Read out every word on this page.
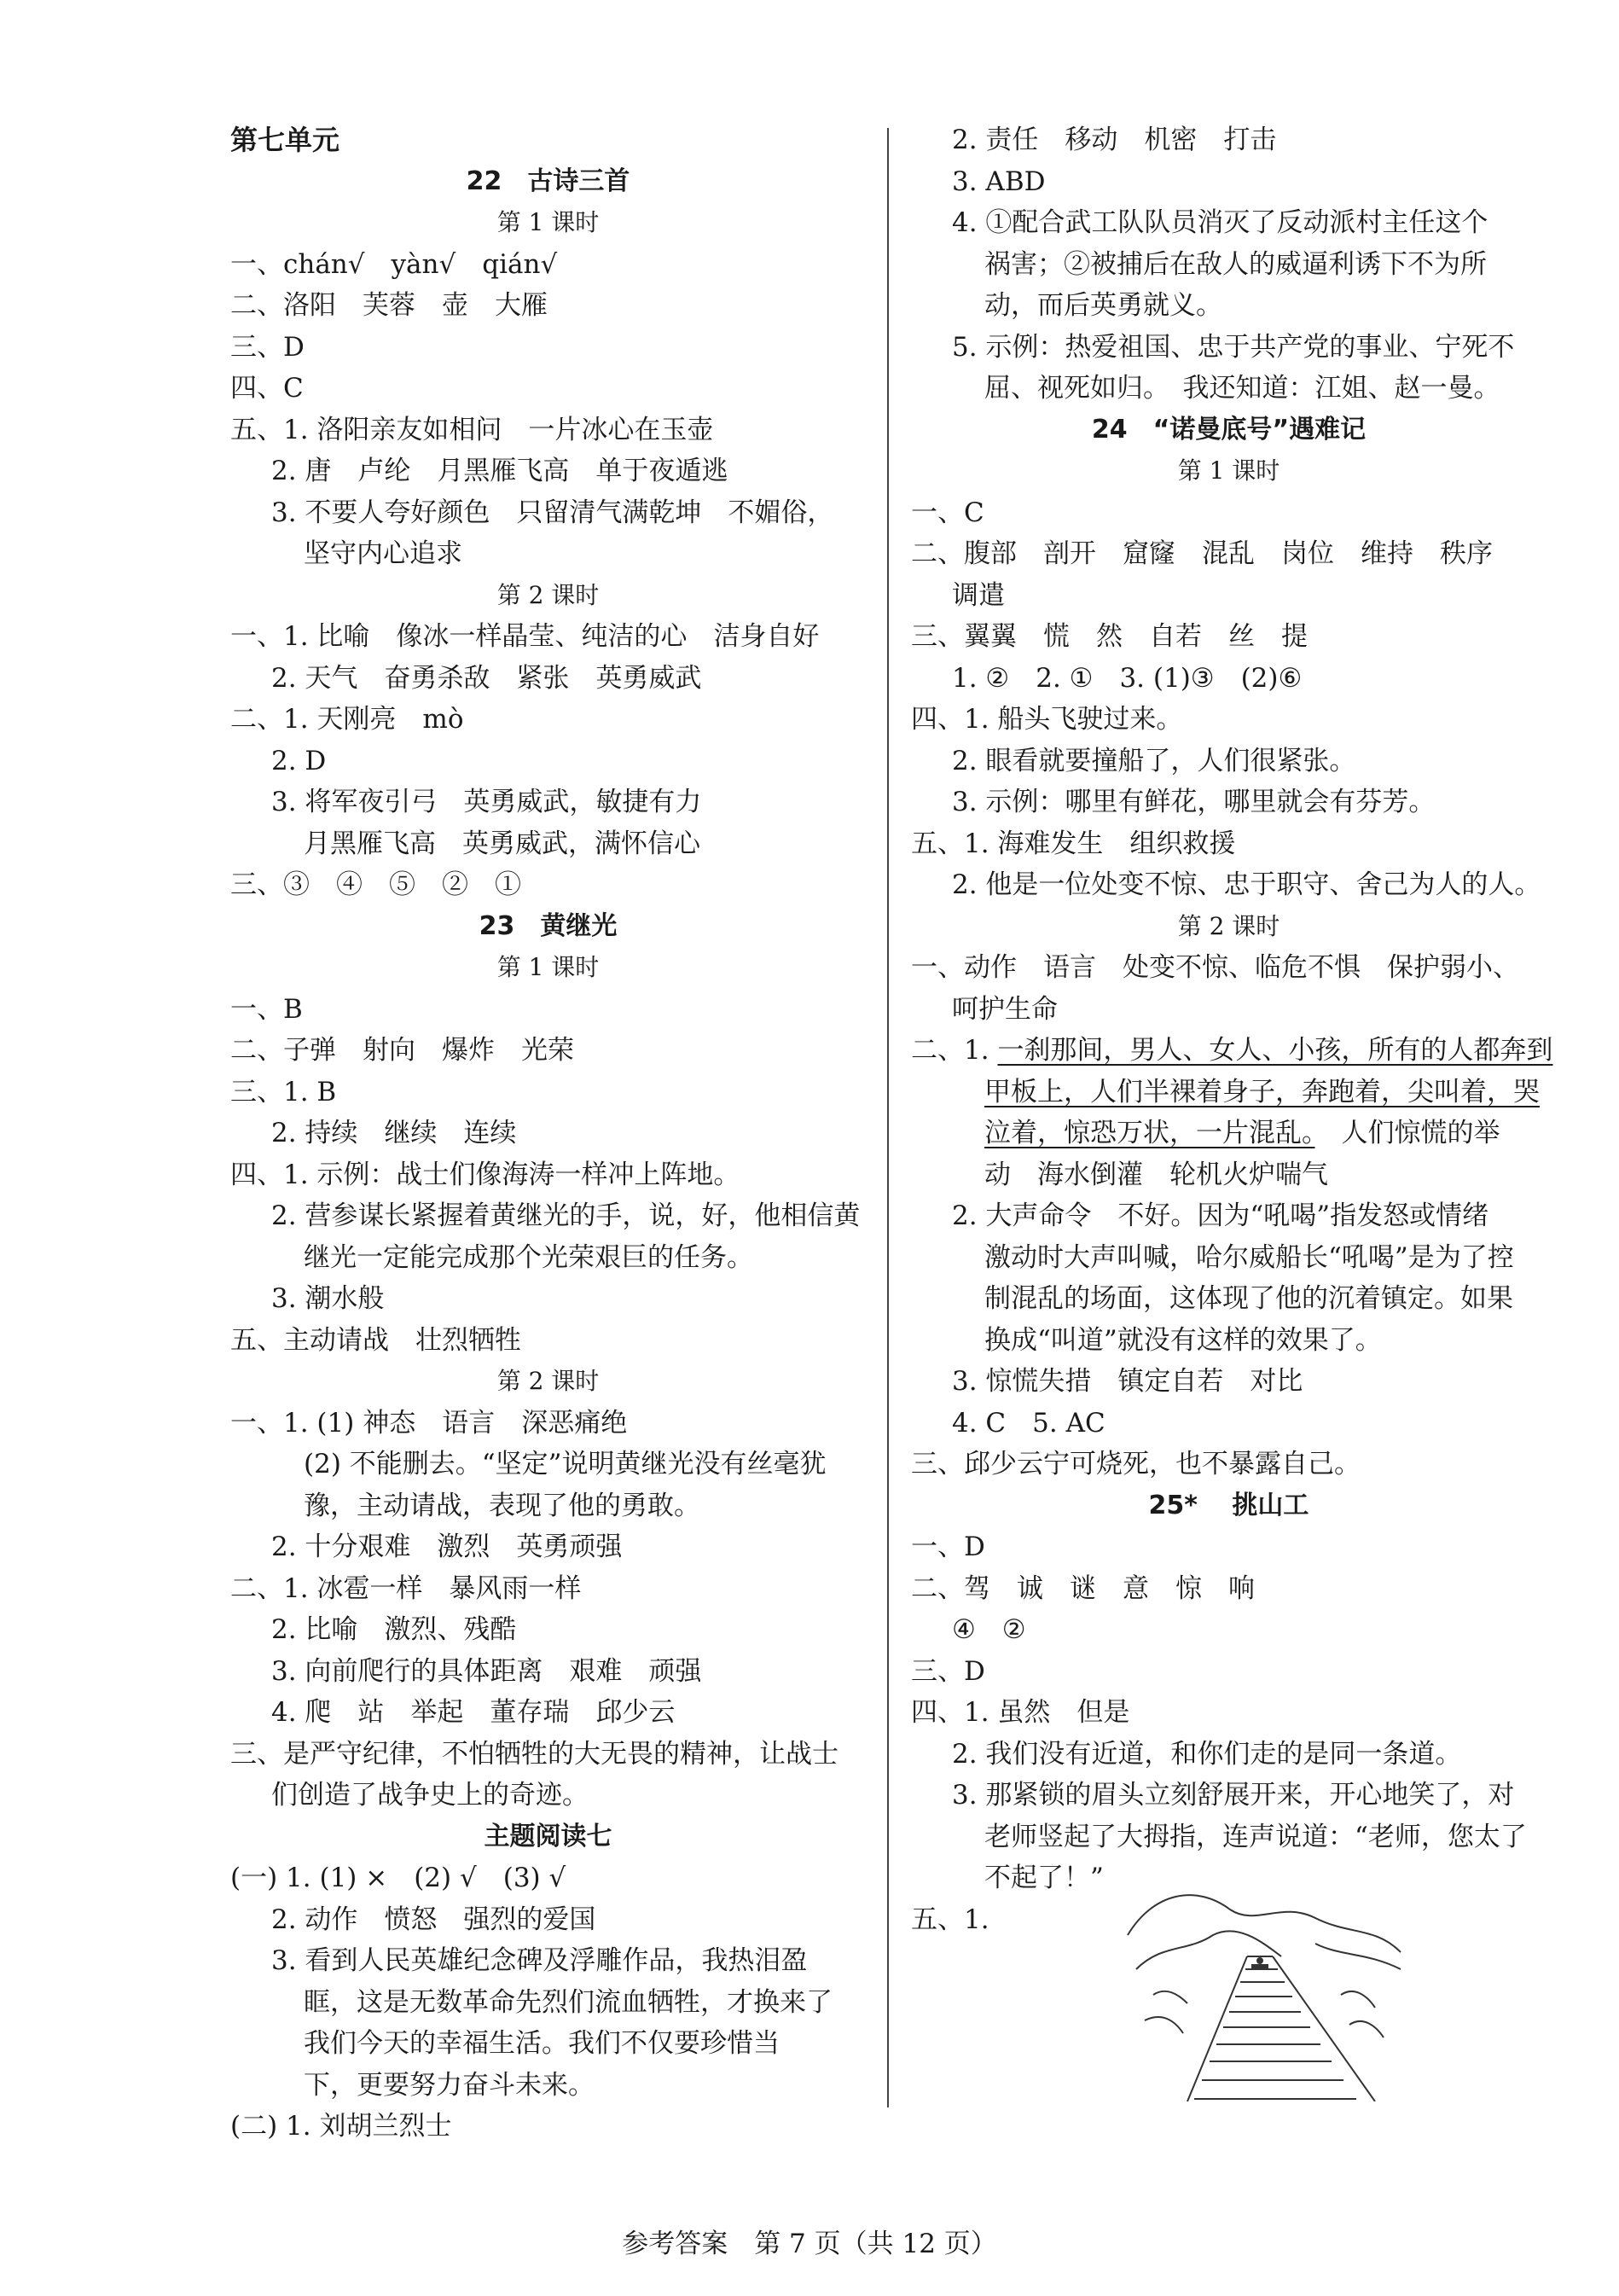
第七单元
22　古诗三首
第 1 课时
一、chán√　yàn√　qián√
二、洛阳　芙蓉　壶　大雁
三、D
四、C
五、1. 洛阳亲友如相问　一片冰心在玉壶
2. 唐　卢纶　月黑雁飞高　单于夜遁逃
3. 不要人夸好颜色　只留清气满乾坤　不媚俗，
坚守内心追求
第 2 课时
一、1. 比喻　像冰一样晶莹、纯洁的心　洁身自好
2. 天气　奋勇杀敌　紧张　英勇威武
二、1. 天刚亮　mò
2. D
3. 将军夜引弓　英勇威武，敏捷有力
月黑雁飞高　英勇威武，满怀信心
三、③　④　⑤　②　①
23　黄继光
第 1 课时
一、B
二、子弹　射向　爆炸　光荣
三、1. B
2. 持续　继续　连续
四、1. 示例：战士们像海涛一样冲上阵地。
2. 营参谋长紧握着黄继光的手，说，好，他相信黄
继光一定能完成那个光荣艰巨的任务。
3. 潮水般
五、主动请战　壮烈牺牲
第 2 课时
一、1. (1) 神态　语言　深恶痛绝
(2) 不能删去。“坚定”说明黄继光没有丝毫犹
豫，主动请战，表现了他的勇敢。
2. 十分艰难　激烈　英勇顽强
二、1. 冰雹一样　暴风雨一样
2. 比喻　激烈、残酷
3. 向前爬行的具体距离　艰难　顽强
4. 爬　站　举起　董存瑞　邱少云
三、是严守纪律，不怕牺牲的大无畏的精神，让战士
们创造了战争史上的奇迹。
主题阅读七
(一) 1. (1) ×　(2) √　(3) √
2. 动作　愤怒　强烈的爱国
3. 看到人民英雄纪念碑及浮雕作品，我热泪盈
眶，这是无数革命先烈们流血牺牲，才换来了
我们今天的幸福生活。我们不仅要珍惜当
下，更要努力奋斗未来。
(二) 1. 刘胡兰烈士
2. 责任　移动　机密　打击
3. ABD
4. ①配合武工队队员消灭了反动派村主任这个
祸害；②被捕后在敌人的威逼利诱下不为所
动，而后英勇就义。
5. 示例：热爱祖国、忠于共产党的事业、宁死不
屈、视死如归。　我还知道：江姐、赵一曼。
24　“诺曼底号”遇难记
第 1 课时
一、C
二、腹部　剖开　窟窿　混乱　岗位　维持　秩序
调遣
三、翼翼　慌　然　自若　丝　提
1. ②　2. ①　3. (1)③　(2)⑥
四、1. 船头飞驶过来。
2. 眼看就要撞船了，人们很紧张。
3. 示例：哪里有鲜花，哪里就会有芬芳。
五、1. 海难发生　组织救援
2. 他是一位处变不惊、忠于职守、舍己为人的人。
第 2 课时
一、动作　语言　处变不惊、临危不惧　保护弱小、
呵护生命
二、1. 一刹那间，男人、女人、小孩，所有的人都奔到
甲板上，人们半裸着身子，奔跑着，尖叫着，哭
泣着，惊恐万状，一片混乱。　人们惊慌的举
动　海水倒灌　轮机火炉喘气
2. 大声命令　不好。因为“吼喝”指发怒或情绪
激动时大声叫喊，哈尔威船长“吼喝”是为了控
制混乱的场面，这体现了他的沉着镇定。如果
换成“叫道”就没有这样的效果了。
3. 惊慌失措　镇定自若　对比
4. C　5. AC
三、邱少云宁可烧死，也不暴露自己。
25* 　挑山工
一、D
二、驾　诚　谜　意　惊　响
④　②
三、D
四、1. 虽然　但是
2. 我们没有近道，和你们走的是同一条道。
3. 那紧锁的眉头立刻舒展开来，开心地笑了，对
老师竖起了大拇指，连声说道：“老师，您太了
不起了！”
五、1.
参考答案　第 7 页（共 12 页）
